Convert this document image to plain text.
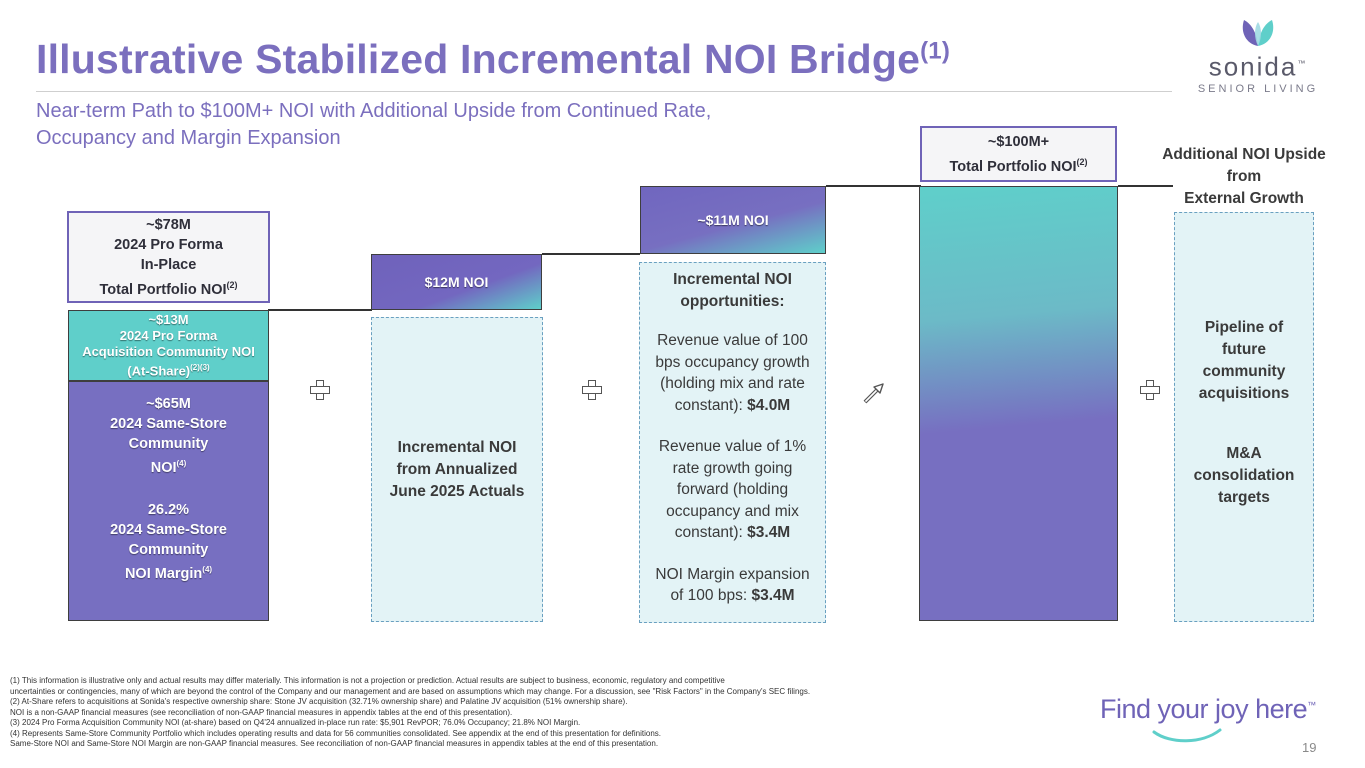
Illustrative Stabilized Incremental NOI Bridge$^{(1)}$
Near-term Path to $100M+ NOI with Additional Upside from Continued Rate,
Occupancy and Margin Expansion
sonida™
SENIOR LIVING
~$78M
2024 Pro Forma
In-Place
Total Portfolio NOI$^{(2)}$
~$13M
2024 Pro Forma
Acquisition Community NOI
(At-Share)$^{(2)(3)}$
~$65M
2024 Same-Store
Community
NOI$^{(4)}$
26.2%
2024 Same-Store
Community
NOI Margin$^{(4)}$
$12M NOI
Incremental NOI
from Annualized
June 2025 Actuals
~$11M NOI
Incremental NOI
opportunities:
Revenue value of 100
bps occupancy growth
(holding mix and rate
constant): $4.0M
Revenue value of 1%
rate growth going
forward (holding
occupancy and mix
constant): $3.4M
NOI Margin expansion
of 100 bps: $3.4M
~$100M+
Total Portfolio NOI$^{(2)}$	Additional NOI Upside
from
External Growth
Pipeline of
future
community
acquisitions
M&A
consolidation
targets
(1) This information is illustrative only and actual results may differ materially. This information is not a projection or prediction. Actual results are subject to business, economic, regulatory and competitive
uncertainties or contingencies, many of which are beyond the control of the Company and our management and are based on assumptions which may change. For a discussion, see "Risk Factors" in the Company's SEC filings.
(2) At-Share refers to acquisitions at Sonida's respective ownership share: Stone JV acquisition (32.71% ownership share) and Palatine JV acquisition (51% ownership share).
NOI is a non-GAAP financial measures (see reconciliation of non-GAAP financial measures in appendix tables at the end of this presentation).
(3) 2024 Pro Forma Acquisition Community NOI (at-share) based on Q4'24 annualized in-place run rate: $5,901 RevPOR; 76.0% Occupancy; 21.8% NOI Margin.
(4) Represents Same-Store Community Portfolio which includes operating results and data for 56 communities consolidated. See appendix at the end of this presentation for definitions.
Same-Store NOI and Same-Store NOI Margin are non-GAAP financial measures. See reconciliation of non-GAAP financial measures in appendix tables at the end of this presentation.
Find your joy here™
19
